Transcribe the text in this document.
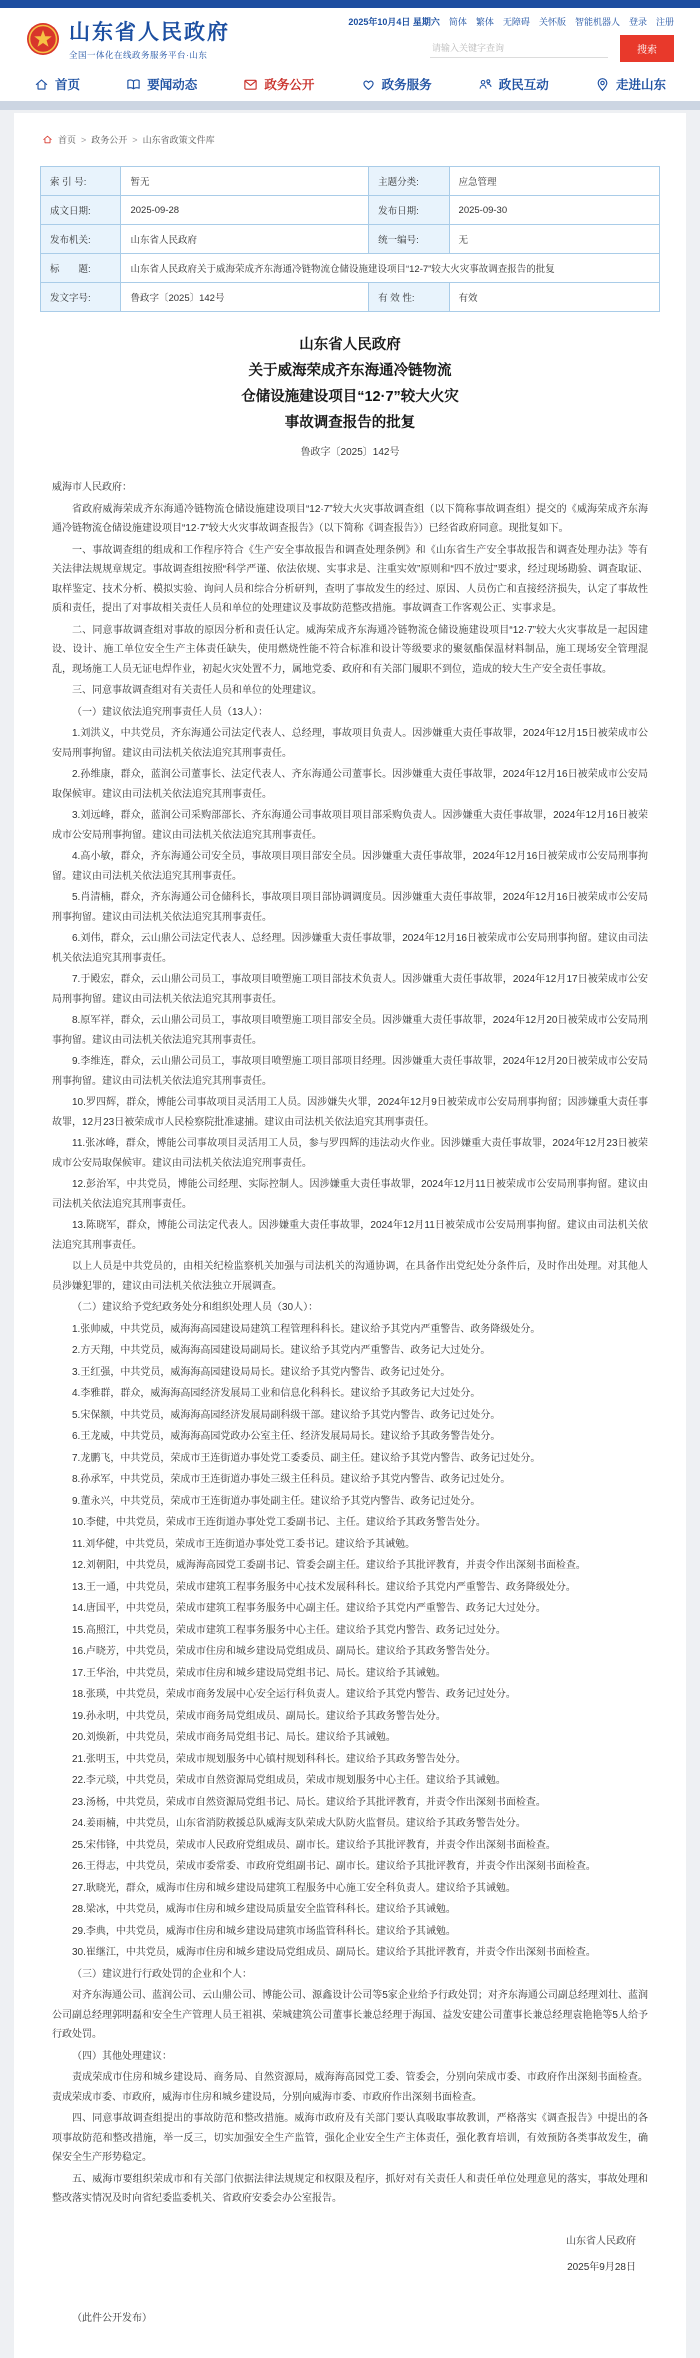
山东省人民政府
全国一体化在线政务服务平台·山东
2025年10月4日 星期六 简体 繁体 无障碍 关怀版 智能机器人 登录 注册
请输入关键字查询
搜索
首页	要闻动态	政务公开	政务服务	政民互动	走进山东
首页 > 政务公开 > 山东省政策文件库
索 引 号:	暂无	主题分类:	应急管理
成文日期:	2025-09-28	发布日期:	2025-09-30
发布机关:	山东省人民政府	统一编号:	无
标　　题:	山东省人民政府关于威海荣成齐东海通冷链物流仓储设施建设项目“12-7”较大火灾事故调查报告的批复		
发文字号:	鲁政字〔2025〕142号	有 效 性:	有效
山东省人民政府
关于威海荣成齐东海通冷链物流
仓储设施建设项目“12·7”较大火灾
事故调查报告的批复
鲁政字〔2025〕142号

威海市人民政府：

省政府威海荣成齐东海通冷链物流仓储设施建设项目“12·7”较大火灾事故调查组（以下简称事故调查组）提交的《威海荣成齐东海通冷链物流仓储设施建设项目“12·7”较大火灾事故调查报告》（以下简称《调查报告》）已经省政府同意。现批复如下。

一、事故调查组的组成和工作程序符合《生产安全事故报告和调查处理条例》和《山东省生产安全事故报告和调查处理办法》等有关法律法规规章规定。事故调查组按照“科学严谨、依法依规、实事求是、注重实效”原则和“四不放过”要求，经过现场勘验、调查取证、取样鉴定、技术分析、模拟实验、询问人员和综合分析研判，查明了事故发生的经过、原因、人员伤亡和直接经济损失，认定了事故性质和责任，提出了对事故相关责任人员和单位的处理建议及事故防范整改措施。事故调查工作客观公正、实事求是。

二、同意事故调查组对事故的原因分析和责任认定。威海荣成齐东海通冷链物流仓储设施建设项目“12·7”较大火灾事故是一起因建设、设计、施工单位安全生产主体责任缺失，使用燃烧性能不符合标准和设计等级要求的聚氨酯保温材料制品，施工现场安全管理混乱，现场施工人员无证电焊作业，初起火灾处置不力，属地党委、政府和有关部门履职不到位，造成的较大生产安全责任事故。

三、同意事故调查组对有关责任人员和单位的处理建议。

（一）建议依法追究刑事责任人员（13人）：

1.刘洪义，中共党员，齐东海通公司法定代表人、总经理，事故项目负责人。因涉嫌重大责任事故罪，2024年12月15日被荣成市公安局刑事拘留。建议由司法机关依法追究其刑事责任。

2.孙维康，群众，蓝润公司董事长、法定代表人、齐东海通公司董事长。因涉嫌重大责任事故罪，2024年12月16日被荣成市公安局取保候审。建议由司法机关依法追究其刑事责任。

3.刘远峰，群众，蓝润公司采购部部长、齐东海通公司事故项目项目部采购负责人。因涉嫌重大责任事故罪，2024年12月16日被荣成市公安局刑事拘留。建议由司法机关依法追究其刑事责任。

4.高小敏，群众，齐东海通公司安全员，事故项目项目部安全员。因涉嫌重大责任事故罪，2024年12月16日被荣成市公安局刑事拘留。建议由司法机关依法追究其刑事责任。

5.肖清楠，群众，齐东海通公司仓储科长，事故项目项目部协调调度员。因涉嫌重大责任事故罪，2024年12月16日被荣成市公安局刑事拘留。建议由司法机关依法追究其刑事责任。

6.刘伟，群众，云山鼎公司法定代表人、总经理。因涉嫌重大责任事故罪，2024年12月16日被荣成市公安局刑事拘留。建议由司法机关依法追究其刑事责任。

7.于殿宏，群众，云山鼎公司员工，事故项目喷塑施工项目部技术负责人。因涉嫌重大责任事故罪，2024年12月17日被荣成市公安局刑事拘留。建议由司法机关依法追究其刑事责任。

8.原军祥，群众，云山鼎公司员工，事故项目喷塑施工项目部安全员。因涉嫌重大责任事故罪，2024年12月20日被荣成市公安局刑事拘留。建议由司法机关依法追究其刑事责任。

9.李维连，群众，云山鼎公司员工，事故项目喷塑施工项目部项目经理。因涉嫌重大责任事故罪，2024年12月20日被荣成市公安局刑事拘留。建议由司法机关依法追究其刑事责任。

10.罗四辉，群众，博能公司事故项目灵活用工人员。因涉嫌失火罪，2024年12月9日被荣成市公安局刑事拘留；因涉嫌重大责任事故罪，12月23日被荣成市人民检察院批准逮捕。建议由司法机关依法追究其刑事责任。

11.张冰峰，群众，博能公司事故项目灵活用工人员，参与罗四辉的违法动火作业。因涉嫌重大责任事故罪，2024年12月23日被荣成市公安局取保候审。建议由司法机关依法追究刑事责任。

12.彭治军，中共党员，博能公司经理、实际控制人。因涉嫌重大责任事故罪，2024年12月11日被荣成市公安局刑事拘留。建议由司法机关依法追究其刑事责任。

13.陈晓军，群众，博能公司法定代表人。因涉嫌重大责任事故罪，2024年12月11日被荣成市公安局刑事拘留。建议由司法机关依法追究其刑事责任。

以上人员是中共党员的，由相关纪检监察机关加强与司法机关的沟通协调，在具备作出党纪处分条件后，及时作出处理。对其他人员涉嫌犯罪的，建议由司法机关依法独立开展调查。

（二）建议给予党纪政务处分和组织处理人员（30人）：

1.张帅威，中共党员，威海海高园建设局建筑工程管理科科长。建议给予其党内严重警告、政务降级处分。

2.方天翔，中共党员，威海海高园建设局副局长。建议给予其党内严重警告、政务记大过处分。

3.王红强，中共党员，威海海高园建设局局长。建议给予其党内警告、政务记过处分。

4.李雅群，群众，威海海高园经济发展局工业和信息化科科长。建议给予其政务记大过处分。

5.宋保额，中共党员，威海海高园经济发展局副科级干部。建议给予其党内警告、政务记过处分。

6.王龙威，中共党员，威海海高园党政办公室主任、经济发展局局长。建议给予其政务警告处分。

7.龙鹏飞，中共党员，荣成市王连街道办事处党工委委员、副主任。建议给予其党内警告、政务记过处分。

8.孙承军，中共党员，荣成市王连街道办事处三级主任科员。建议给予其党内警告、政务记过处分。

9.董永兴，中共党员，荣成市王连街道办事处副主任。建议给予其党内警告、政务记过处分。

10.李健，中共党员，荣成市王连街道办事处党工委副书记、主任。建议给予其政务警告处分。

11.刘华健，中共党员，荣成市王连街道办事处党工委书记。建议给予其诫勉。

12.刘朝阳，中共党员，威海海高园党工委副书记、管委会副主任。建议给予其批评教育，并责令作出深刻书面检查。

13.王一通，中共党员，荣成市建筑工程事务服务中心技术发展科科长。建议给予其党内严重警告、政务降级处分。

14.唐国平，中共党员，荣成市建筑工程事务服务中心副主任。建议给予其党内严重警告、政务记大过处分。

15.高照江，中共党员，荣成市建筑工程事务服务中心主任。建议给予其党内警告、政务记过处分。

16.卢晓芳，中共党员，荣成市住房和城乡建设局党组成员、副局长。建议给予其政务警告处分。

17.王华治，中共党员，荣成市住房和城乡建设局党组书记、局长。建议给予其诫勉。

18.张瑛，中共党员，荣成市商务发展中心安全运行科负责人。建议给予其党内警告、政务记过处分。

19.孙永明，中共党员，荣成市商务局党组成员、副局长。建议给予其政务警告处分。

20.刘焕新，中共党员，荣成市商务局党组书记、局长。建议给予其诫勉。

21.张明玉，中共党员，荣成市规划服务中心镇村规划科科长。建议给予其政务警告处分。

22.李元琰，中共党员，荣成市自然资源局党组成员，荣成市规划服务中心主任。建议给予其诫勉。

23.汤杨，中共党员，荣成市自然资源局党组书记、局长。建议给予其批评教育，并责令作出深刻书面检查。

24.姜雨楠，中共党员，山东省消防救援总队威海支队荣成大队防火监督员。建议给予其政务警告处分。

25.宋伟锋，中共党员，荣成市人民政府党组成员、副市长。建议给予其批评教育，并责令作出深刻书面检查。

26.王得志，中共党员，荣成市委常委、市政府党组副书记、副市长。建议给予其批评教育，并责令作出深刻书面检查。

27.耿晓光，群众，威海市住房和城乡建设局建筑工程服务中心施工安全科负责人。建议给予其诫勉。

28.梁冰，中共党员，威海市住房和城乡建设局质量安全监管科科长。建议给予其诫勉。

29.李典，中共党员，威海市住房和城乡建设局建筑市场监管科科长。建议给予其诫勉。

30.崔继江，中共党员，威海市住房和城乡建设局党组成员、副局长。建议给予其批评教育，并责令作出深刻书面检查。

（三）建议进行行政处罚的企业和个人：

对齐东海通公司、蓝润公司、云山鼎公司、博能公司、源鑫设计公司等5家企业给予行政处罚；对齐东海通公司副总经理刘壮、蓝润公司副总经理郭明磊和安全生产管理人员王祖祺、荣城建筑公司董事长兼总经理于海国、益发安建公司董事长兼总经理袁艳艳等5人给予行政处罚。

（四）其他处理建议：

责成荣成市住房和城乡建设局、商务局、自然资源局，威海海高园党工委、管委会，分别向荣成市委、市政府作出深刻书面检查。责成荣成市委、市政府，威海市住房和城乡建设局，分别向威海市委、市政府作出深刻书面检查。

四、同意事故调查组提出的事故防范和整改措施。威海市政府及有关部门要认真吸取事故教训，严格落实《调查报告》中提出的各项事故防范和整改措施，举一反三，切实加强安全生产监管，强化企业安全生产主体责任，强化教育培训，有效预防各类事故发生，确保安全生产形势稳定。

五、威海市要组织荣成市和有关部门依据法律法规规定和权限及程序，抓好对有关责任人和责任单位处理意见的落实，事故处理和整改落实情况及时向省纪委监委机关、省政府安委会办公室报告。

山东省人民政府
2025年9月28日
（此件公开发布）
